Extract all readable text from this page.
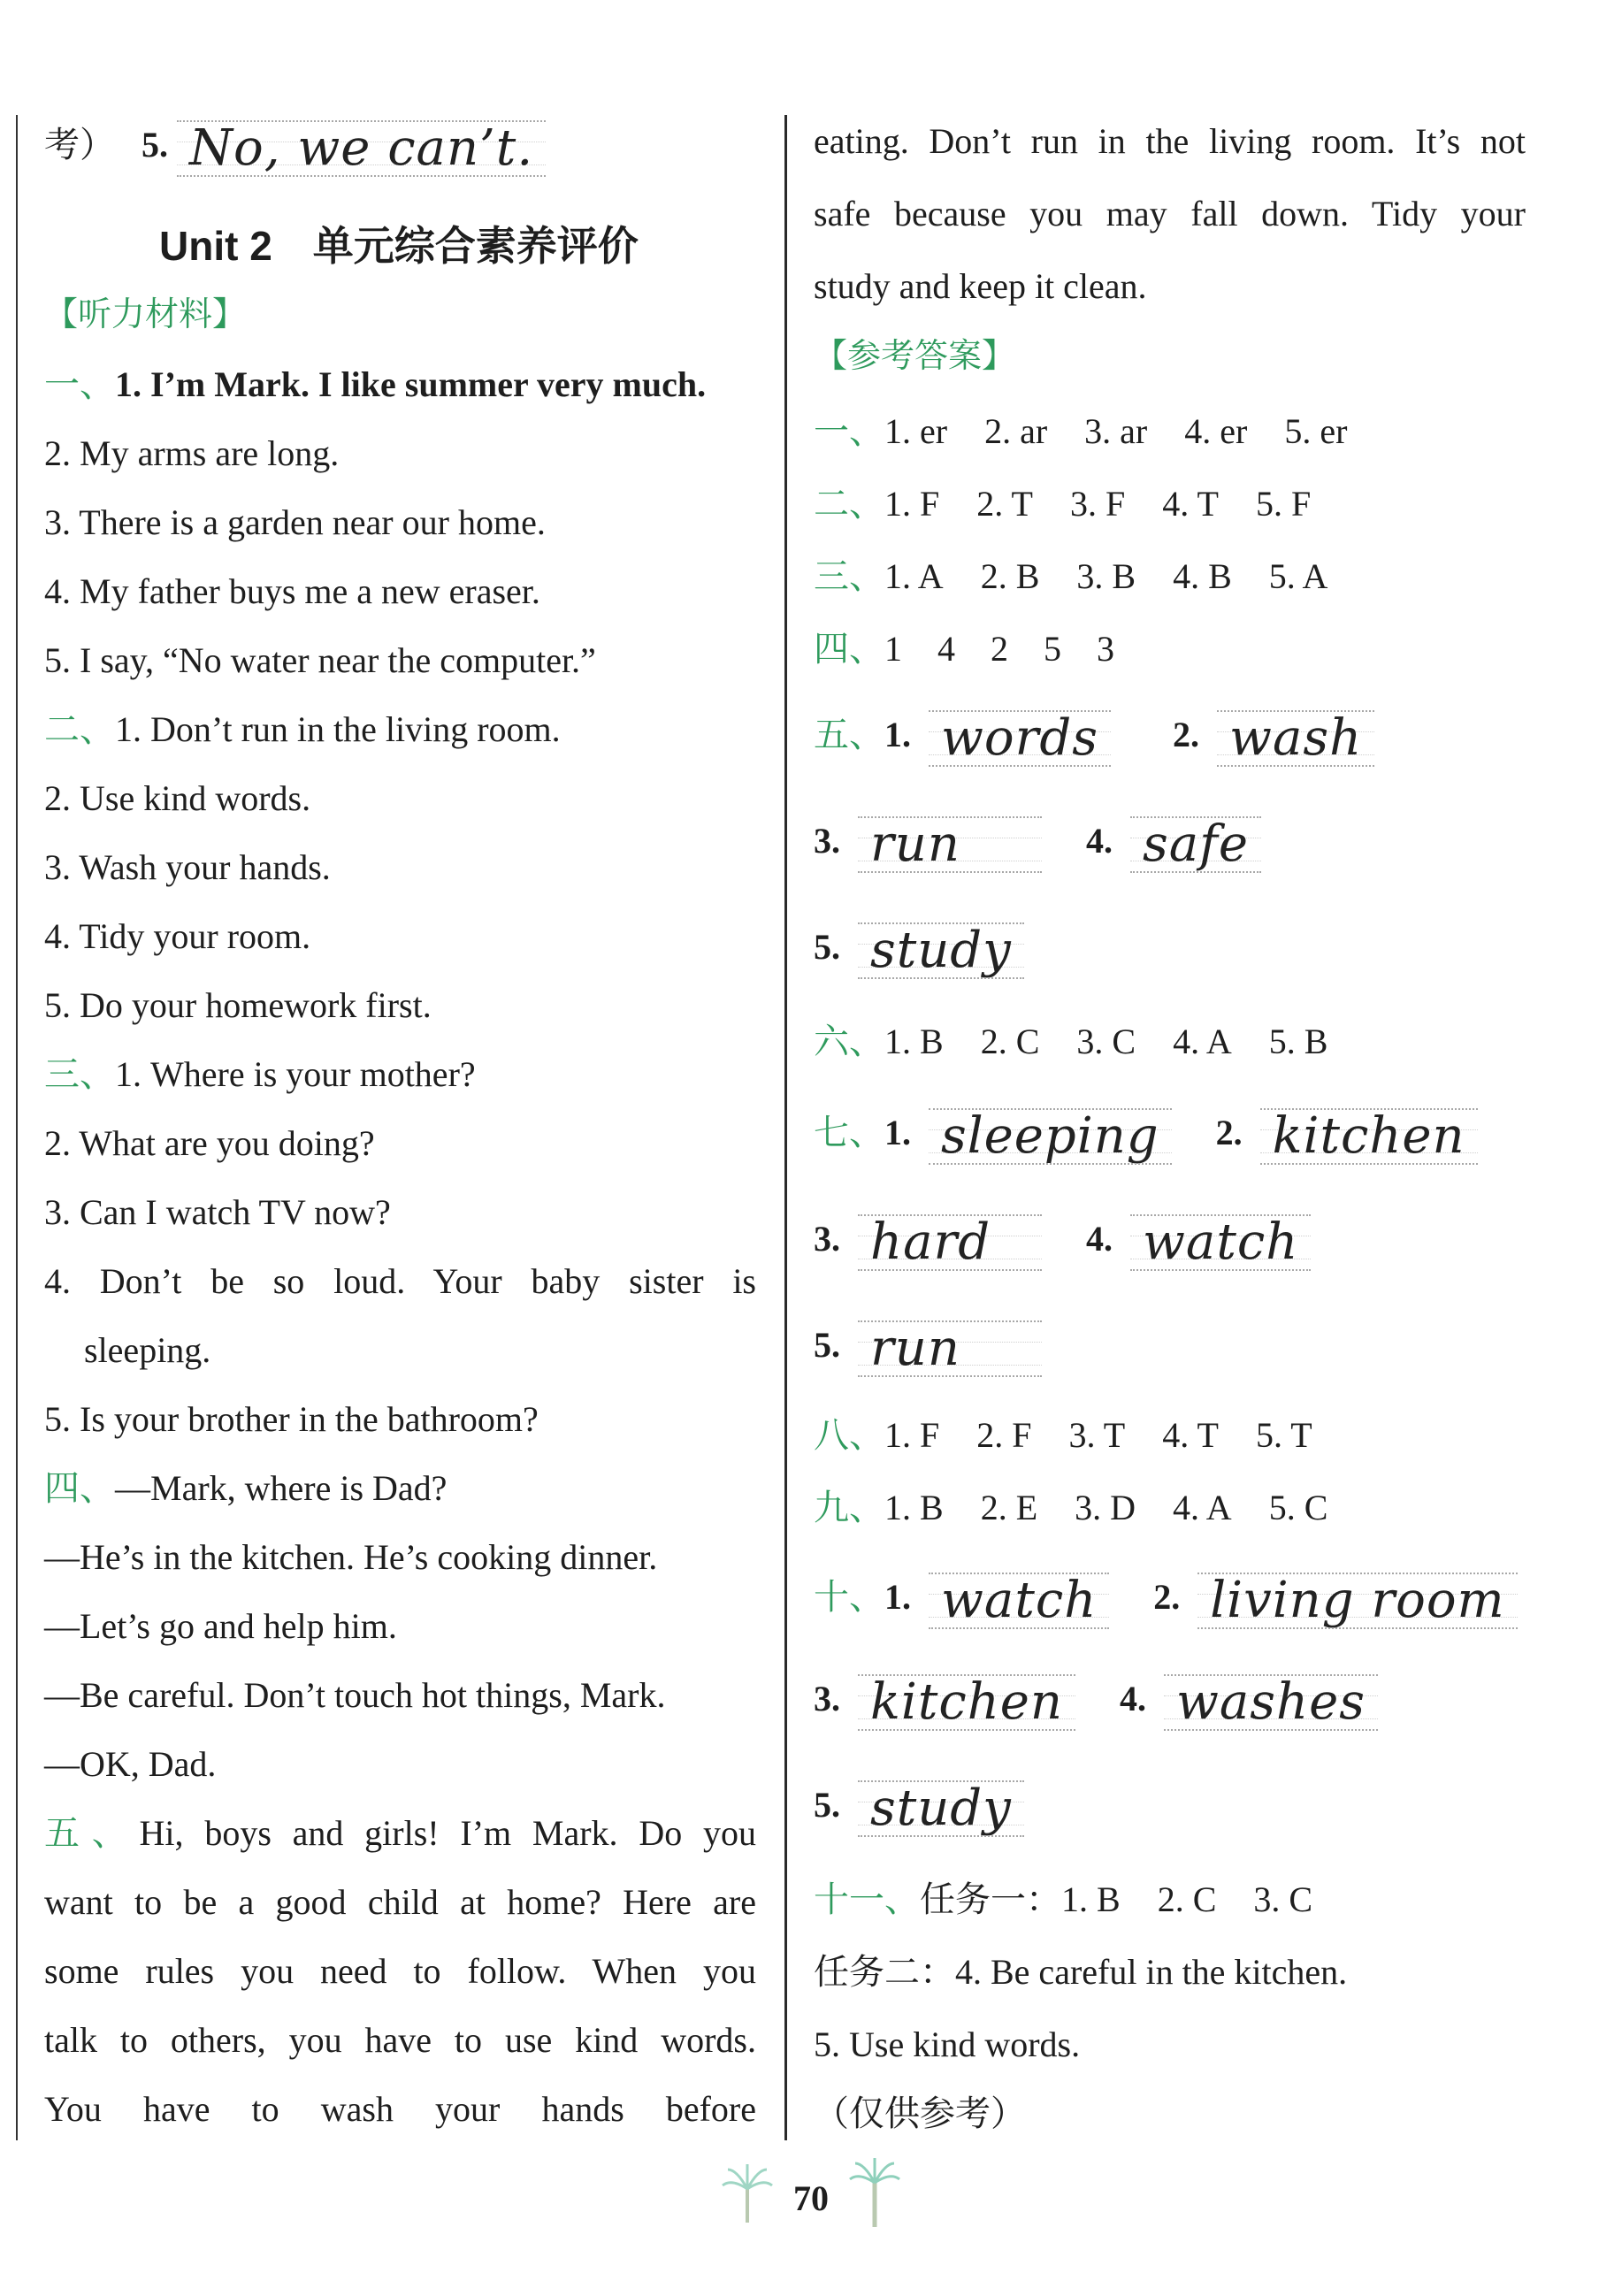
考） 5. No, we can’t.
Unit 2　单元综合素养评价
【听力材料】
一、1. I’m Mark. I like summer very much.
2. My arms are long.
3. There is a garden near our home.
4. My father buys me a new eraser.
5. I say, “No water near the computer.”
二、1. Don’t run in the living room.
2. Use kind words.
3. Wash your hands.
4. Tidy your room.
5. Do your homework first.
三、1. Where is your mother?
2. What are you doing?
3. Can I watch TV now?
4. Don’t be so loud. Your baby sister is
sleeping.
5. Is your brother in the bathroom?
四、—Mark, where is Dad?
—He’s in the kitchen. He’s cooking dinner.
—Let’s go and help him.
—Be careful. Don’t touch hot things, Mark.
—OK, Dad.
五、Hi, boys and girls! I’m Mark. Do you
want to be a good child at home? Here are
some rules you need to follow. When you
talk to others, you have to use kind words.
You have to wash your hands before
eating. Don’t run in the living room. It’s not
safe because you may fall down. Tidy your
study and keep it clean.
【参考答案】
一、1. er 2. ar 3. ar 4. er 5. er
二、1. F 2. T 3. F 4. T 5. F
三、1. A 2. B 3. B 4. B 5. A
四、1　4　2　5　3
五、1. words 2. wash
3. run	4. safe
5. study
六、1. B 2. C 3. C 4. A 5. B
七、1. sleeping 2. kitchen
3. hard	4. watch
5. run
八、1. F 2. F 3. T 4. T 5. T
九、1. B 2. E 3. D 4. A 5. C
十、1. watch 2. living room
3. kitchen 4. washes
5. study
十一、任务一：1. B 2. C 3. C
任务二：4. Be careful in the kitchen.
5. Use kind words.
（仅供参考）
70
